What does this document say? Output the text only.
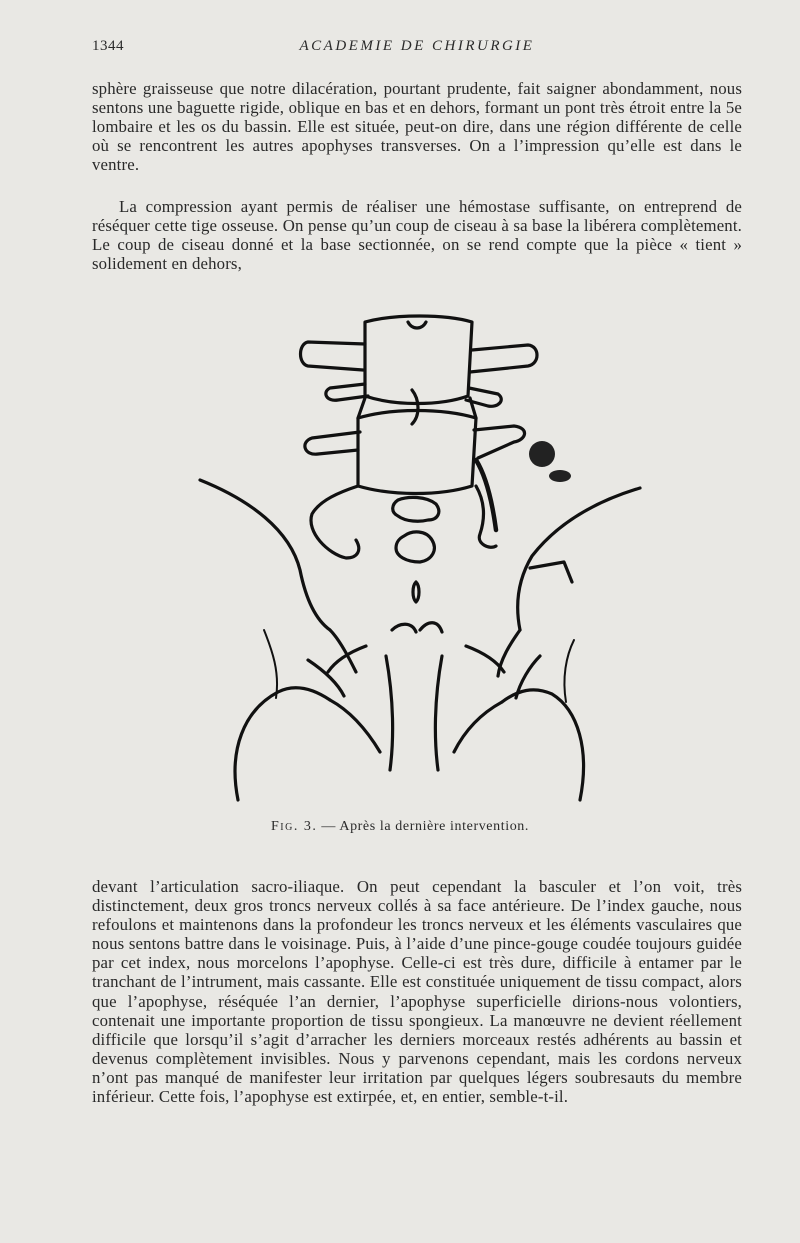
1344	ACADEMIE DE CHIRURGIE

sphère graisseuse que notre dilacération, pourtant prudente, fait saigner abondamment, nous sentons une baguette rigide, oblique en bas et en dehors, formant un pont très étroit entre la 5e lombaire et les os du bassin. Elle est située, peut-on dire, dans une région différente de celle où se rencontrent les autres apophyses transverses. On a l’impression qu’elle est dans le ventre.

La compression ayant permis de réaliser une hémostase suffisante, on entreprend de réséquer cette tige osseuse. On pense qu’un coup de ciseau à sa base la libérera complètement. Le coup de ciseau donné et la base sectionnée, on se rend compte que la pièce « tient » solidement en dehors,

Fig. 3. — Après la dernière intervention.

devant l’articulation sacro-iliaque. On peut cependant la basculer et l’on voit, très distinctement, deux gros troncs nerveux collés à sa face antérieure. De l’index gauche, nous refoulons et maintenons dans la profondeur les troncs nerveux et les éléments vasculaires que nous sentons battre dans le voisinage. Puis, à l’aide d’une pince-gouge coudée toujours guidée par cet index, nous morcelons l’apophyse. Celle-ci est très dure, difficile à entamer par le tranchant de l’intrument, mais cassante. Elle est constituée uniquement de tissu compact, alors que l’apophyse, réséquée l’an dernier, l’apophyse superficielle dirions-nous volontiers, contenait une importante proportion de tissu spongieux. La manœuvre ne devient réellement difficile que lorsqu’il s’agit d’arracher les derniers morceaux restés adhérents au bassin et devenus complètement invisibles. Nous y parvenons cependant, mais les cordons nerveux n’ont pas manqué de manifester leur irritation par quelques légers soubresauts du membre inférieur. Cette fois, l’apophyse est extirpée, et, en entier, semble-t-il.
